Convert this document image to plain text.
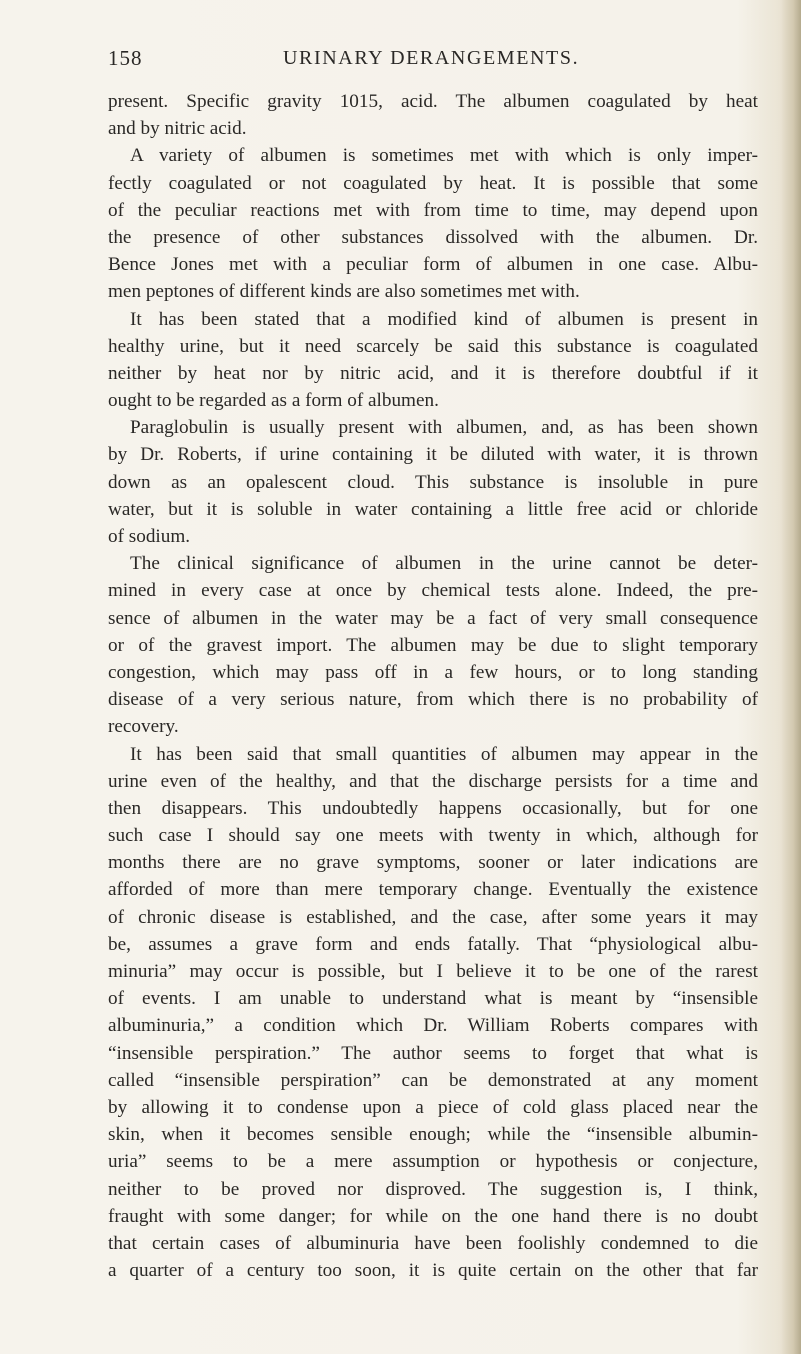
158	URINARY DERANGEMENTS.
present. Specific gravity 1015, acid. The albumen coagulated by heat
and by nitric acid.
A variety of albumen is sometimes met with which is only imper-
fectly coagulated or not coagulated by heat. It is possible that some
of the peculiar reactions met with from time to time, may depend upon
the presence of other substances dissolved with the albumen. Dr.
Bence Jones met with a peculiar form of albumen in one case. Albu-
men peptones of different kinds are also sometimes met with.
It has been stated that a modified kind of albumen is present in
healthy urine, but it need scarcely be said this substance is coagulated
neither by heat nor by nitric acid, and it is therefore doubtful if it
ought to be regarded as a form of albumen.
Paraglobulin is usually present with albumen, and, as has been shown
by Dr. Roberts, if urine containing it be diluted with water, it is thrown
down as an opalescent cloud. This substance is insoluble in pure
water, but it is soluble in water containing a little free acid or chloride
of sodium.
The clinical significance of albumen in the urine cannot be deter-
mined in every case at once by chemical tests alone. Indeed, the pre-
sence of albumen in the water may be a fact of very small consequence
or of the gravest import. The albumen may be due to slight temporary
congestion, which may pass off in a few hours, or to long standing
disease of a very serious nature, from which there is no probability of
recovery.
It has been said that small quantities of albumen may appear in the
urine even of the healthy, and that the discharge persists for a time and
then disappears. This undoubtedly happens occasionally, but for one
such case I should say one meets with twenty in which, although for
months there are no grave symptoms, sooner or later indications are
afforded of more than mere temporary change. Eventually the existence
of chronic disease is established, and the case, after some years it may
be, assumes a grave form and ends fatally. That “physiological albu-
minuria” may occur is possible, but I believe it to be one of the rarest
of events. I am unable to understand what is meant by “insensible
albuminuria,” a condition which Dr. William Roberts compares with
“insensible perspiration.” The author seems to forget that what is
called “insensible perspiration” can be demonstrated at any moment
by allowing it to condense upon a piece of cold glass placed near the
skin, when it becomes sensible enough; while the “insensible albumin-
uria” seems to be a mere assumption or hypothesis or conjecture,
neither to be proved nor disproved. The suggestion is, I think,
fraught with some danger; for while on the one hand there is no doubt
that certain cases of albuminuria have been foolishly condemned to die
a quarter of a century too soon, it is quite certain on the other that far
